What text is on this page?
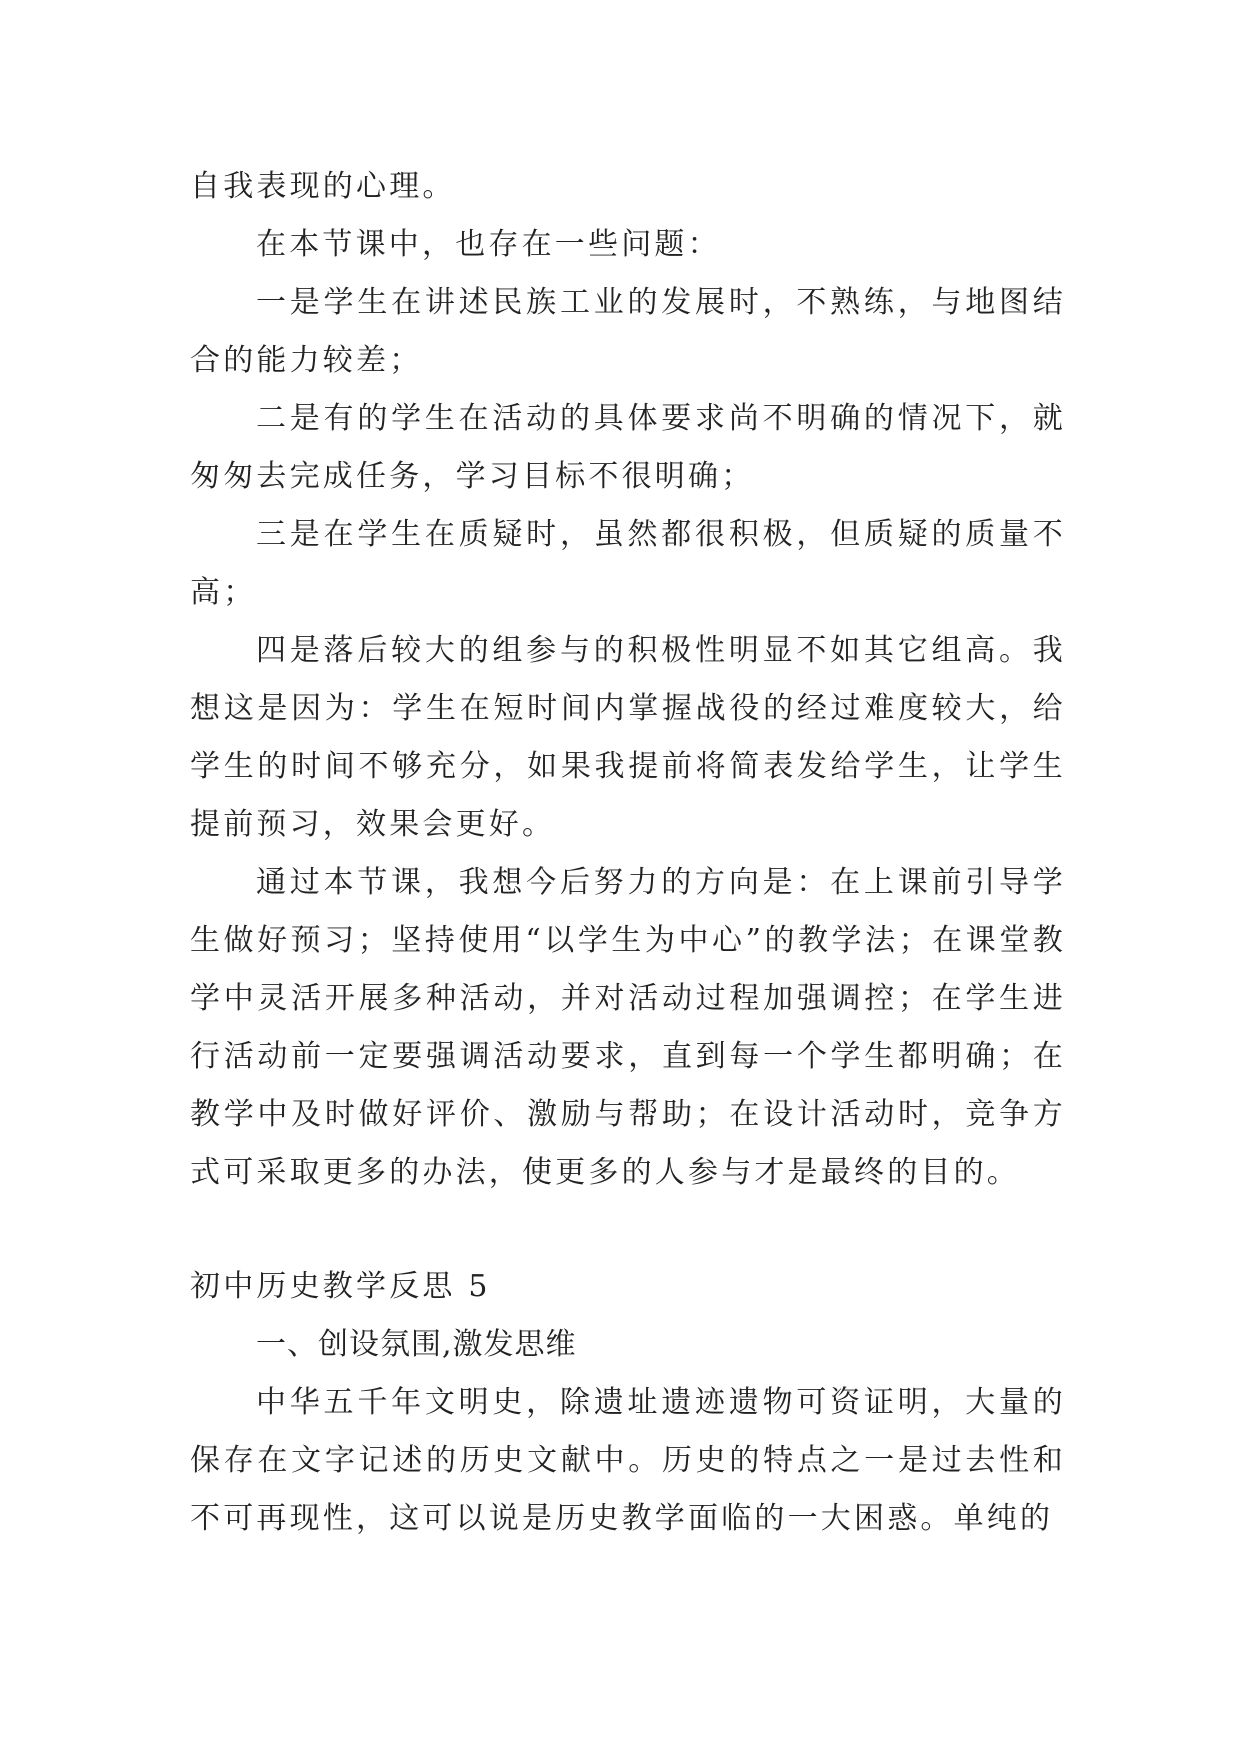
自我表现的心理。

在本节课中，也存在一些问题：

一是学生在讲述民族工业的发展时，不熟练，与地图结合的能力较差；

二是有的学生在活动的具体要求尚不明确的情况下，就匆匆去完成任务，学习目标不很明确；

三是在学生在质疑时，虽然都很积极，但质疑的质量不高；

四是落后较大的组参与的积极性明显不如其它组高。我想这是因为：学生在短时间内掌握战役的经过难度较大，给学生的时间不够充分，如果我提前将简表发给学生，让学生提前预习，效果会更好。

通过本节课，我想今后努力的方向是：在上课前引导学生做好预习；坚持使用“以学生为中心”的教学法；在课堂教学中灵活开展多种活动，并对活动过程加强调控；在学生进行活动前一定要强调活动要求，直到每一个学生都明确；在教学中及时做好评价、激励与帮助；在设计活动时，竞争方式可采取更多的办法，使更多的人参与才是最终的目的。

初中历史教学反思 5

一、创设氛围,激发思维

中华五千年文明史，除遗址遗迹遗物可资证明，大量的保存在文字记述的历史文献中。历史的特点之一是过去性和不可再现性，这可以说是历史教学面临的一大困惑。单纯的
